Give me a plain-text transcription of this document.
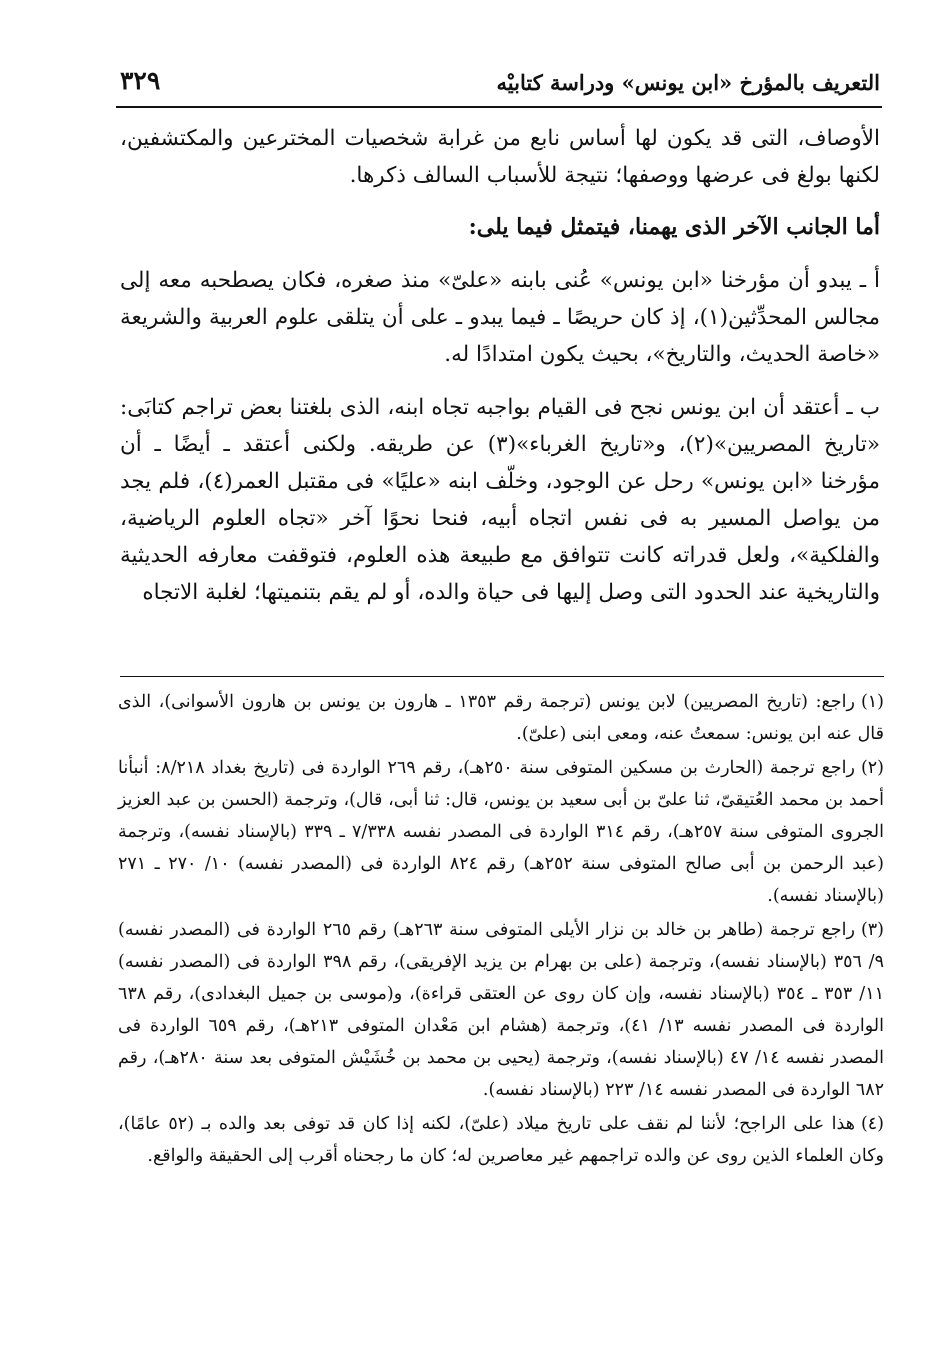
التعريف بالمؤرخ «ابن يونس» ودراسة كتابيْه
٣٢٩

الأوصاف، التى قد يكون لها أساس نابع من غرابة شخصيات المخترعين والمكتشفين، لكنها بولغ فى عرضها ووصفها؛ نتيجة للأسباب السالف ذكرها.

أما الجانب الآخر الذى يهمنا، فيتمثل فيما يلى:

أ ـ يبدو أن مؤرخنا «ابن يونس» عُنى بابنه «علىّ» منذ صغره، فكان يصطحبه معه إلى مجالس المحدِّثين(١)، إذ كان حريصًا ـ فيما يبدو ـ على أن يتلقى علوم العربية والشريعة «خاصة الحديث، والتاريخ»، بحيث يكون امتدادًا له.

ب ـ أعتقد أن ابن يونس نجح فى القيام بواجبه تجاه ابنه، الذى بلغتنا بعض تراجم كتابَى: «تاريخ المصريين»(٢)، و«تاريخ الغرباء»(٣) عن طريقه. ولكنى أعتقد ـ أيضًا ـ أن مؤرخنا «ابن يونس» رحل عن الوجود، وخلّف ابنه «عليًا» فى مقتبل العمر(٤)، فلم يجد من يواصل المسير به فى نفس اتجاه أبيه، فنحا نحوًا آخر «تجاه العلوم الرياضية، والفلكية»، ولعل قدراته كانت تتوافق مع طبيعة هذه العلوم، فتوقفت معارفه الحديثية والتاريخية عند الحدود التى وصل إليها فى حياة والده، أو لم يقم بتنميتها؛ لغلبة الاتجاه

(١)راجع: (تاريخ المصريين) لابن يونس (ترجمة رقم ١٣٥٣ ـ هارون بن يونس بن هارون الأسوانى)، الذى قال عنه ابن يونس: سمعتُ عنه، ومعى ابنى (علىّ).

(٢)راجع ترجمة (الحارث بن مسكين المتوفى سنة ٢٥٠هـ)، رقم ٢٦٩ الواردة فى (تاريخ بغداد ٨/٢١٨: أنبأنا أحمد بن محمد العُتيقىّ، ثنا علىّ بن أبى سعيد بن يونس، قال: ثنا أبى، قال)، وترجمة (الحسن بن عبد العزيز الجروى المتوفى سنة ٢٥٧هـ)، رقم ٣١٤ الواردة فى المصدر نفسه ٧/٣٣٨ ـ ٣٣٩ (بالإسناد نفسه)، وترجمة (عبد الرحمن بن أبى صالح المتوفى سنة ٢٥٢هـ) رقم ٨٢٤ الواردة فى (المصدر نفسه) ١٠/ ٢٧٠ ـ ٢٧١ (بالإسناد نفسه).

(٣)راجع ترجمة (طاهر بن خالد بن نزار الأيلى المتوفى سنة ٢٦٣هـ) رقم ٢٦٥ الواردة فى (المصدر نفسه) ٩/ ٣٥٦ (بالإسناد نفسه)، وترجمة (على بن بهرام بن يزيد الإفريقى)، رقم ٣٩٨ الواردة فى (المصدر نفسه) ١١/ ٣٥٣ ـ ٣٥٤ (بالإسناد نفسه، وإن كان روى عن العتقى قراءة)، و(موسى بن جميل البغدادى)، رقم ٦٣٨ الواردة فى المصدر نفسه ١٣/ ٤١)، وترجمة (هشام ابن مَعْدان المتوفى ٢١٣هـ)، رقم ٦٥٩ الواردة فى المصدر نفسه ١٤/ ٤٧ (بالإسناد نفسه)، وترجمة (يحيى بن محمد بن خُشَيْش المتوفى بعد سنة ٢٨٠هـ)، رقم ٦٨٢ الواردة فى المصدر نفسه ١٤/ ٢٢٣ (بالإسناد نفسه).

(٤)هذا على الراجح؛ لأننا لم نقف على تاريخ ميلاد (علىّ)، لكنه إذا كان قد توفى بعد والده بـ (٥٢ عامًا)، وكان العلماء الذين روى عن والده تراجمهم غير معاصرين له؛ كان ما رجحناه أقرب إلى الحقيقة والواقع.
